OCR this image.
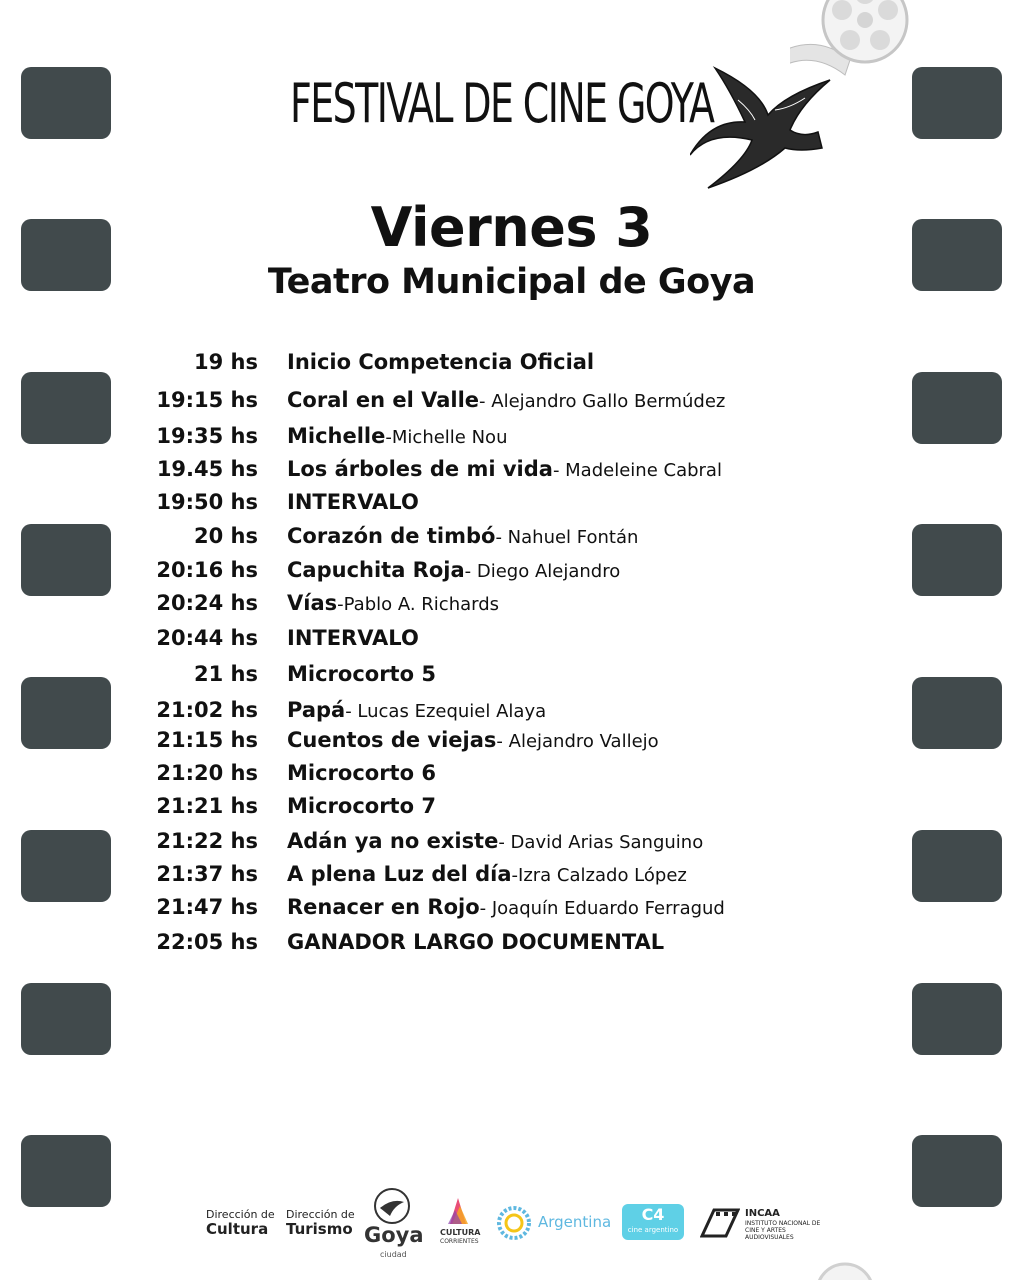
FESTIVAL DE CINE GOYA
Viernes 3
Teatro Municipal de Goya
19 hs Inicio Competencia Oficial
19:15 hs Coral en el Valle- Alejandro Gallo Bermúdez
19:35 hs Michelle-Michelle Nou
19.45 hs Los árboles de mi vida- Madeleine Cabral
19:50 hs INTERVALO
20 hs Corazón de timbó- Nahuel Fontán
20:16 hs Capuchita Roja- Diego Alejandro
20:24 hs Vías-Pablo A. Richards
20:44 hs INTERVALO
21 hs Microcorto 5
21:02 hs Papá- Lucas Ezequiel Alaya
21:15 hs Cuentos de viejas- Alejandro Vallejo
21:20 hs Microcorto 6
21:21 hs Microcorto 7
21:22 hs Adán ya no existe- David Arias Sanguino
21:37 hs A plena Luz del día-Izra Calzado López
21:47 hs Renacer en Rojo- Joaquín Eduardo Ferragud
22:05 hs GANADOR LARGO DOCUMENTAL
Dirección de
Cultura
Dirección de
Turismo Goya
ciudad
CULTURA
CORRIENTES
Argentina	C4
cine argentino
INCAA
INSTITUTO NACIONAL DE CINE Y ARTES AUDIOVISUALES
